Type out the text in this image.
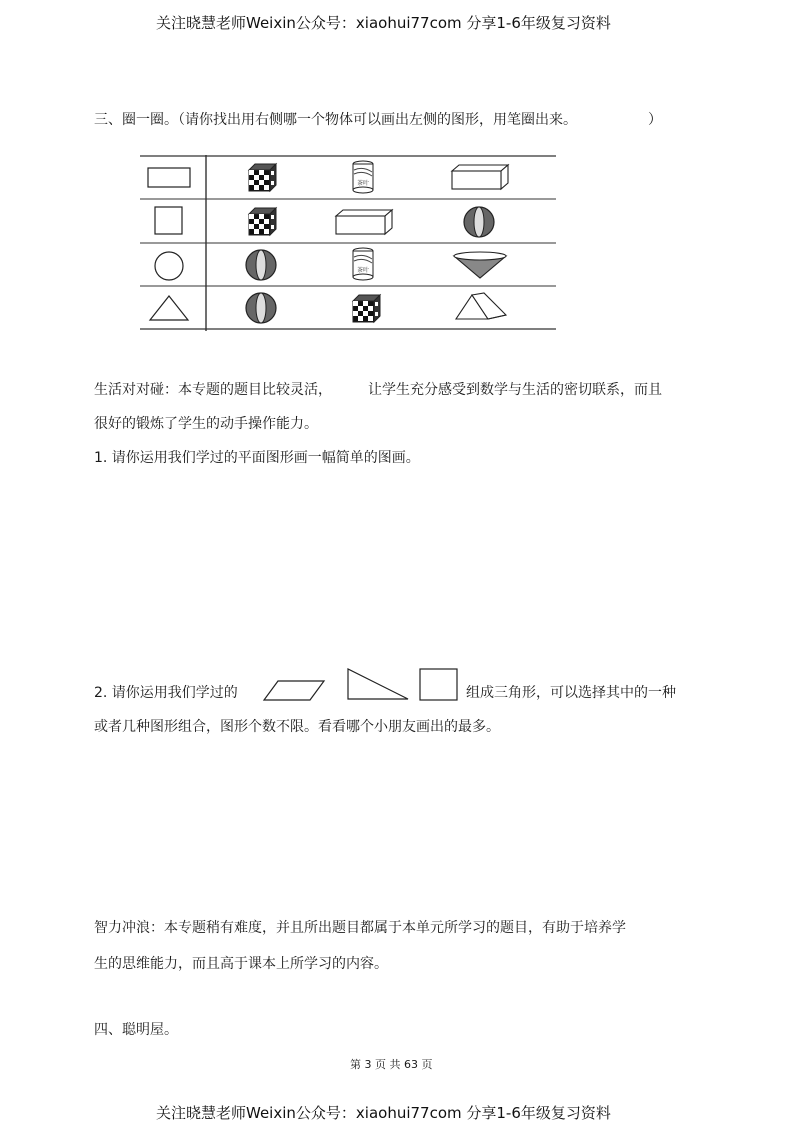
关注晓慧老师Weixin公众号：xiaohui77com 分享1-6年级复习资料
三、圈一圈。（请你找出用右侧哪一个物体可以画出左侧的图形，用笔圈出来。	）
茶叶
茶叶
生活对对碰：本专题的题目比较灵活，	让学生充分感受到数学与生活的密切联系，而且
很好的锻炼了学生的动手操作能力。
1. 请你运用我们学过的平面图形画一幅简单的图画。
2. 请你运用我们学过的	组成三角形，可以选择其中的一种
或者几种图形组合，图形个数不限。看看哪个小朋友画出的最多。
智力冲浪：本专题稍有难度，并且所出题目都属于本单元所学习的题目，有助于培养学
生的思维能力，而且高于课本上所学习的内容。
四、聪明屋。
第 3 页 共 63 页
关注晓慧老师Weixin公众号：xiaohui77com 分享1-6年级复习资料
